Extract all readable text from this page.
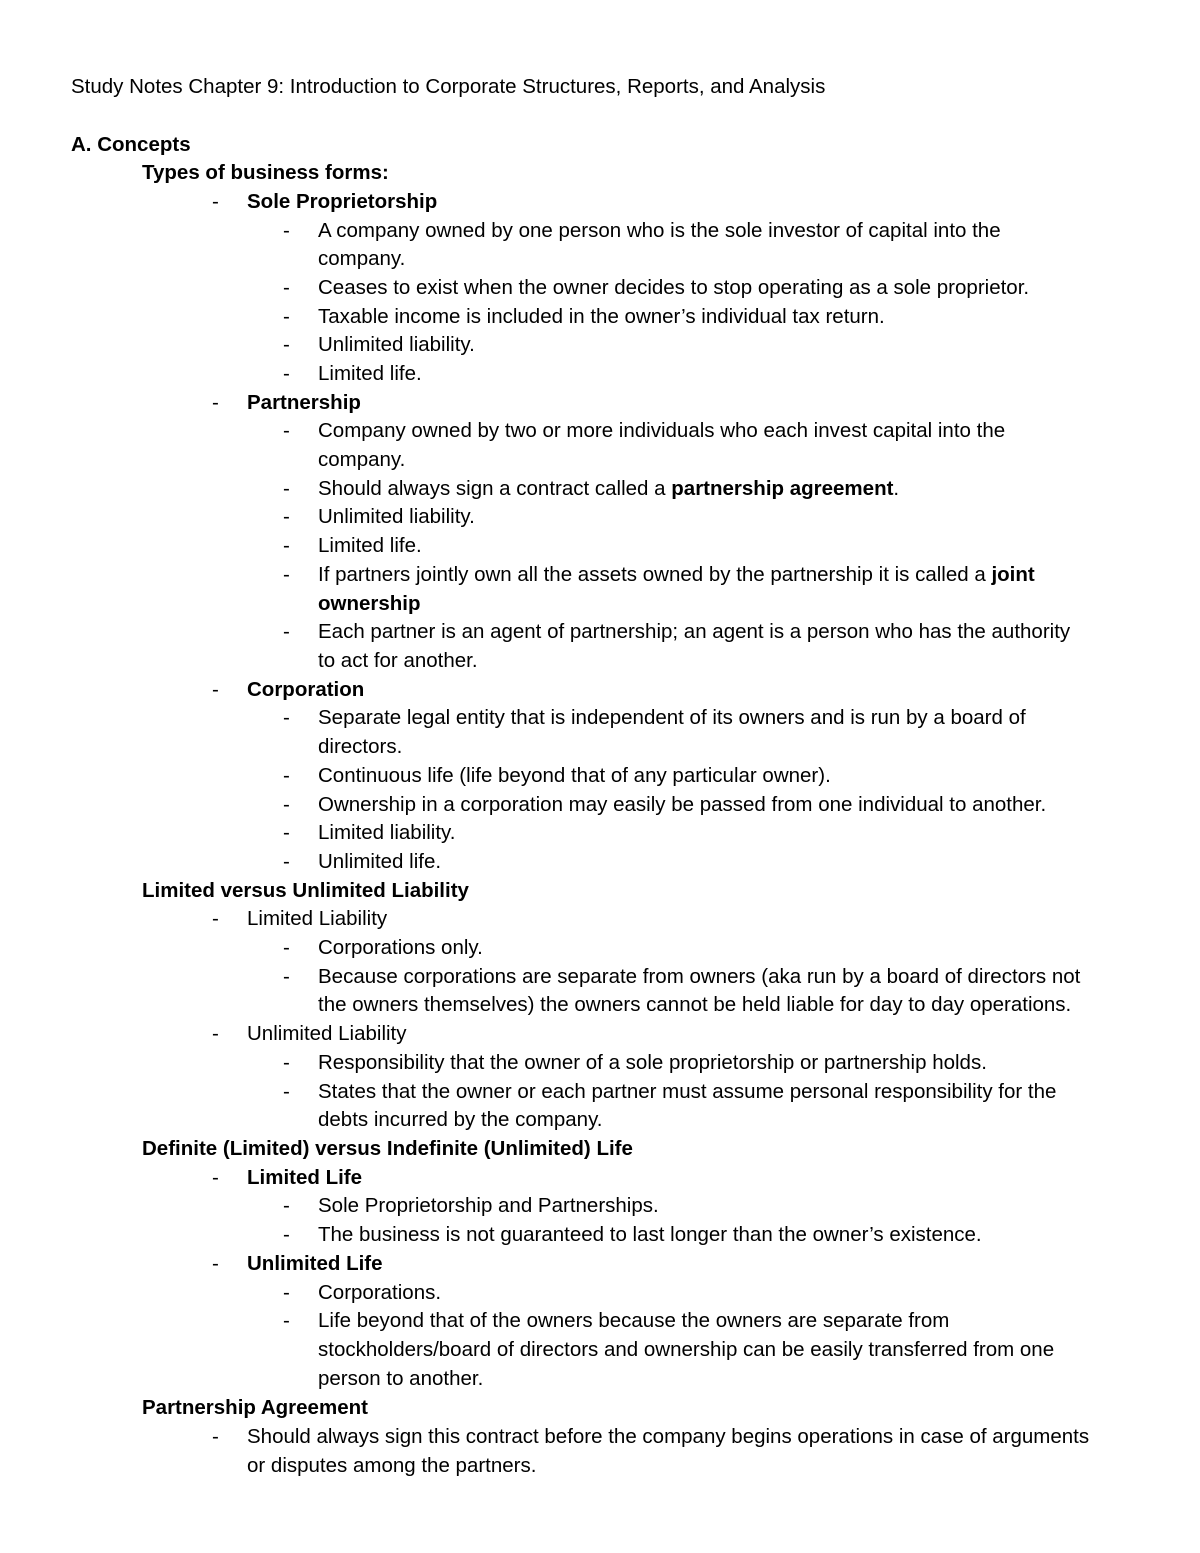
Study Notes Chapter 9: Introduction to Corporate Structures, Reports, and Analysis
A. Concepts
Types of business forms:
- Sole Proprietorship
- A company owned by one person who is the sole investor of capital into the
company.
- Ceases to exist when the owner decides to stop operating as a sole proprietor.
- Taxable income is included in the owner’s individual tax return.
- Unlimited liability.
- Limited life.
- Partnership
- Company owned by two or more individuals who each invest capital into the
company.
- Should always sign a contract called a partnership agreement.
- Unlimited liability.
- Limited life.
- If partners jointly own all the assets owned by the partnership it is called a joint
ownership
- Each partner is an agent of partnership; an agent is a person who has the authority
to act for another.
- Corporation
- Separate legal entity that is independent of its owners and is run by a board of
directors.
- Continuous life (life beyond that of any particular owner).
- Ownership in a corporation may easily be passed from one individual to another.
- Limited liability.
- Unlimited life.
Limited versus Unlimited Liability
- Limited Liability
- Corporations only.
- Because corporations are separate from owners (aka run by a board of directors not
the owners themselves) the owners cannot be held liable for day to day operations.
- Unlimited Liability
- Responsibility that the owner of a sole proprietorship or partnership holds.
- States that the owner or each partner must assume personal responsibility for the
debts incurred by the company.
Definite (Limited) versus Indefinite (Unlimited) Life
- Limited Life
- Sole Proprietorship and Partnerships.
- The business is not guaranteed to last longer than the owner’s existence.
- Unlimited Life
- Corporations.
- Life beyond that of the owners because the owners are separate from
stockholders/board of directors and ownership can be easily transferred from one
person to another.
Partnership Agreement
- Should always sign this contract before the company begins operations in case of arguments
or disputes among the partners.
